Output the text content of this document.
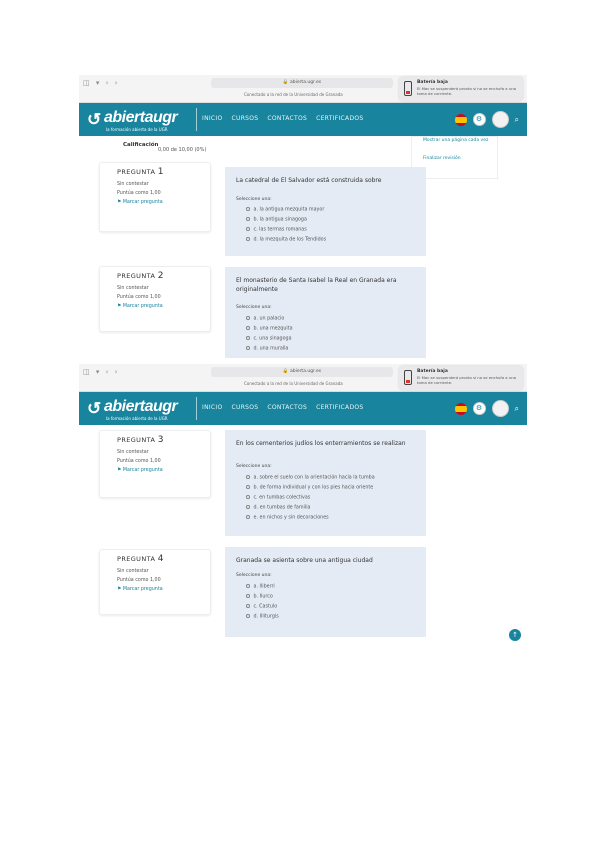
◫ ▾ ‹ ›	🔒 abierta.ugr.es
Conectado a la red de la Universidad de Granada
Batería baja
El Mac se suspenderá pronto si no se enchufa a una toma de corriente.
↺ abiertaugr
la formación abierta de la UGR
INICIO CURSOS CONTACTOS CERTIFICADOS	⚙	⌕
Calificación
0,00 de 10,00 (0%)
Mostrar una página cada vez
Finalizar revisión
PREGUNTA 1
Sin contestar
Puntúa como 1,00
⚑ Marcar pregunta
La catedral de El Salvador está construida sobre
Seleccione una:
a. la antigua mezquita mayor
b. la antigua sinagoga
c. las termas romanas
d. la mezquita de los Tendidos
PREGUNTA 2
Sin contestar
Puntúa como 1,00
⚑ Marcar pregunta
El monasterio de Santa Isabel la Real en Granada era originalmente
Seleccione una:
a. un palacio
b. una mezquita
c. una sinagoga
d. una muralla
◫ ▾ ‹ ›	🔒 abierta.ugr.es
Conectado a la red de la Universidad de Granada
Batería baja
El Mac se suspenderá pronto si no se enchufa a una toma de corriente.
↺ abiertaugr
la formación abierta de la UGR
INICIO CURSOS CONTACTOS CERTIFICADOS	⚙	⌕
PREGUNTA 3
Sin contestar
Puntúa como 1,00
⚑ Marcar pregunta
En los cementerios judíos los enterramientos se realizan
Seleccione una:
a. sobre el suelo con la orientación hacia la tumba
b. de forma individual y con los pies hacia oriente
c. en tumbas colectivas
d. en tumbas de familia
e. en nichos y sin decoraciones
PREGUNTA 4
Sin contestar
Puntúa como 1,00
⚑ Marcar pregunta
Granada se asienta sobre una antigua ciudad
Seleccione una:
a. Iliberri
b. Ilurco
c. Castulo
d. Illiturgis
↑
